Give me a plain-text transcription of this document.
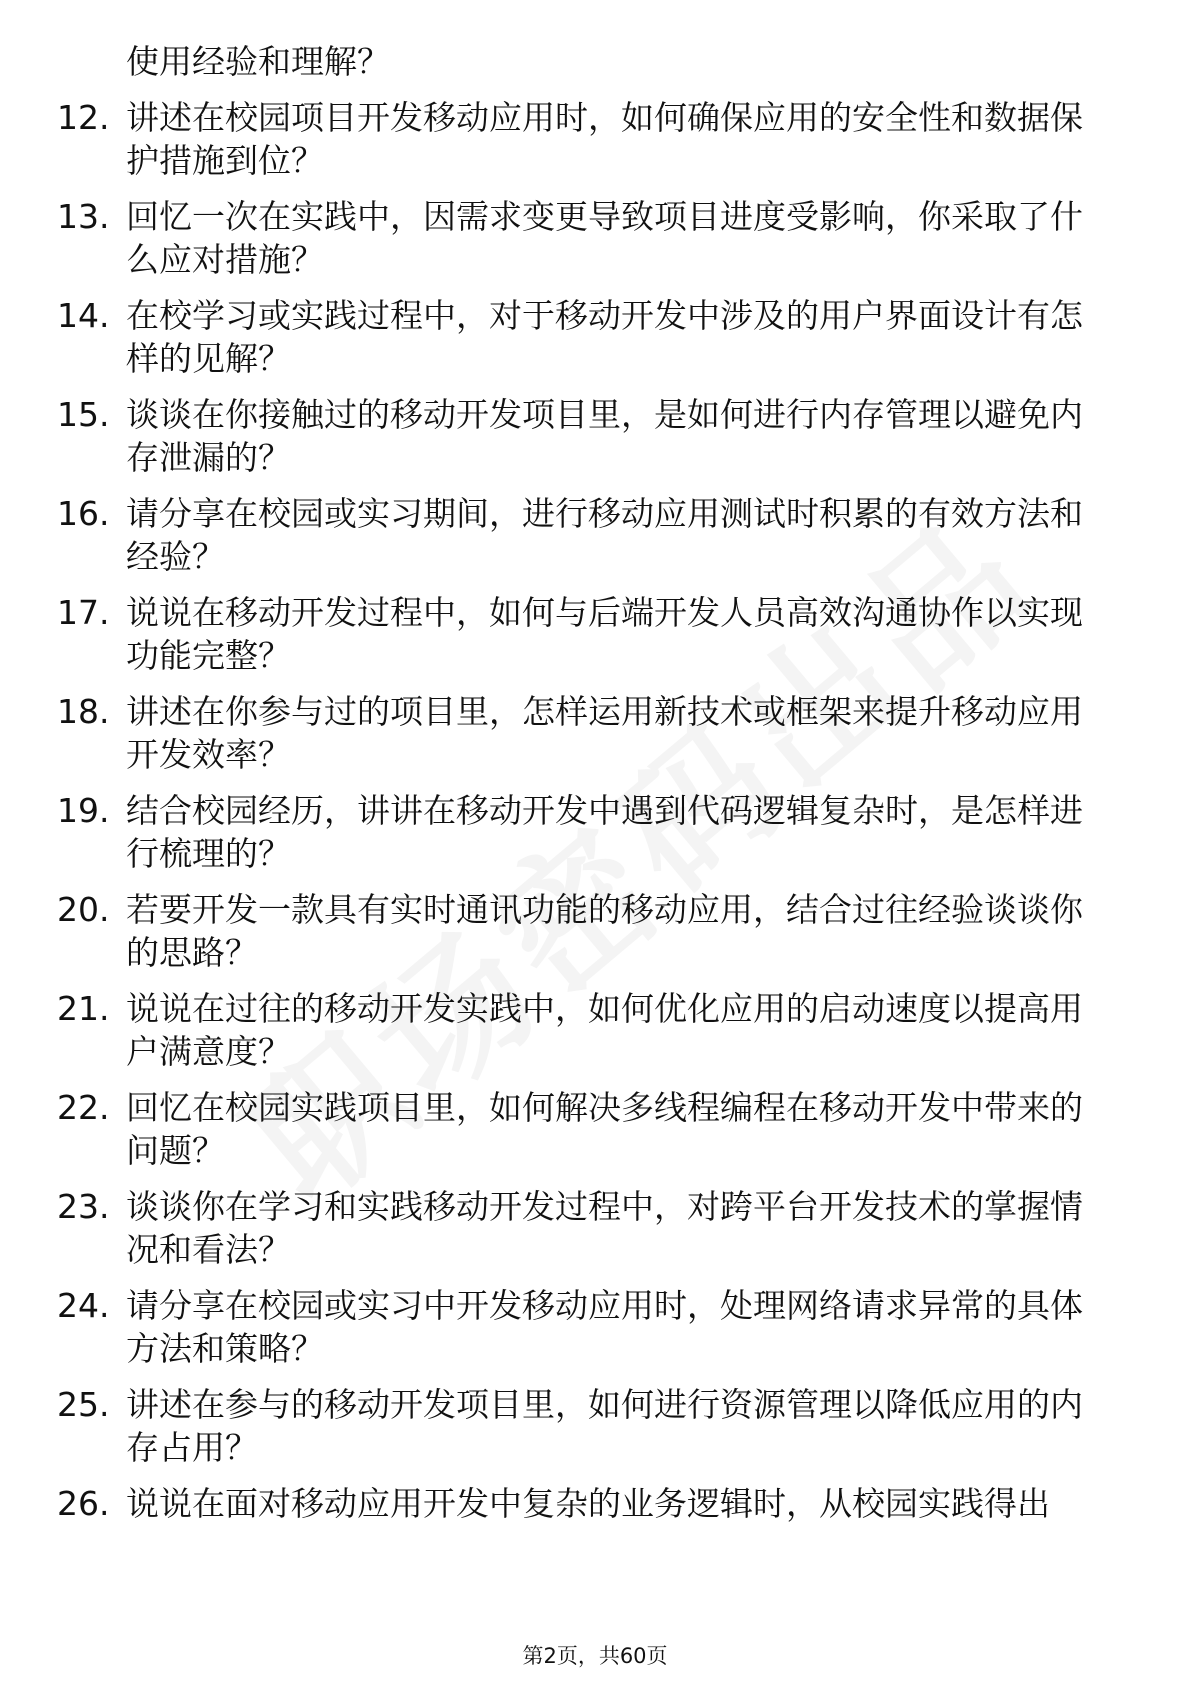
使用经验和理解？
12. 讲述在校园项目开发移动应用时，如何确保应用的安全性和数据保护措施到位？
13. 回忆一次在实践中，因需求变更导致项目进度受影响，你采取了什么应对措施？
14. 在校学习或实践过程中，对于移动开发中涉及的用户界面设计有怎样的见解？
15. 谈谈在你接触过的移动开发项目里，是如何进行内存管理以避免内存泄漏的？
16. 请分享在校园或实习期间，进行移动应用测试时积累的有效方法和经验？
17. 说说在移动开发过程中，如何与后端开发人员高效沟通协作以实现功能完整？
18. 讲述在你参与过的项目里，怎样运用新技术或框架来提升移动应用开发效率？
19. 结合校园经历，讲讲在移动开发中遇到代码逻辑复杂时，是怎样进行梳理的？
20. 若要开发一款具有实时通讯功能的移动应用，结合过往经验谈谈你的思路？
21. 说说在过往的移动开发实践中，如何优化应用的启动速度以提高用户满意度？
22. 回忆在校园实践项目里，如何解决多线程编程在移动开发中带来的问题？
23. 谈谈你在学习和实践移动开发过程中，对跨平台开发技术的掌握情况和看法？
24. 请分享在校园或实习中开发移动应用时，处理网络请求异常的具体方法和策略？
25. 讲述在参与的移动开发项目里，如何进行资源管理以降低应用的内存占用？
26. 说说在面对移动应用开发中复杂的业务逻辑时，从校园实践得出
第2页，共60页
